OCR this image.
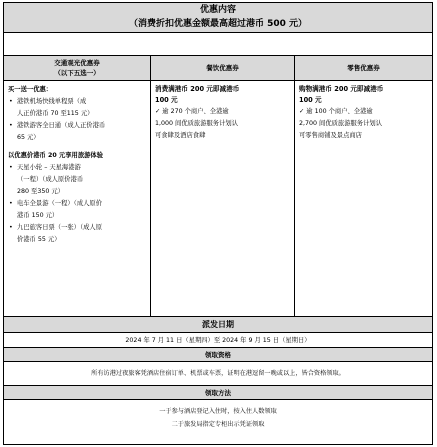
优惠内容
（消费折扣优惠金额最高超过港币 500 元）
交通观光优惠券
（以下五选一）
买一送一优惠：
• 港铁机场快线单程票（成
人正价港币 70 至115 元）
• 港铁游客全日通（成人正价港币
65 元）
以优惠价港币 20 元享用旅游体验
• 天星小轮 – 天星海港游
（一程）（成人原价港币
280 至350 元）
• 电车全景游（一程）（成人原价
港币 150 元）
• 九巴旅客日票（一张）（成人原
价港币 55 元）
餐饮优惠券
消费满港币 200 元即减港币
100 元
✓ 逾 270 个商户、全港逾
1,000 间优质旅游服务计划认
可食肆及酒店食肆
零售优惠券
购物满港币 200 元即减港币
100 元
✓ 逾 100 个商户、全港逾
2,700 间优质旅游服务计划认
可零售商铺及景点商店
派发日期
2024 年 7 月 11 日（星期四）至 2024 年 9 月 15 日（星期日）
领取资格
所有访港过夜旅客凭酒店住宿订单、机票或车票，证明在港逗留一晚或以上，皆合资格领取。
领取方法
一于参与酒店登记入住时，按入住人数领取
二于旅发局指定专柜出示凭证领取
